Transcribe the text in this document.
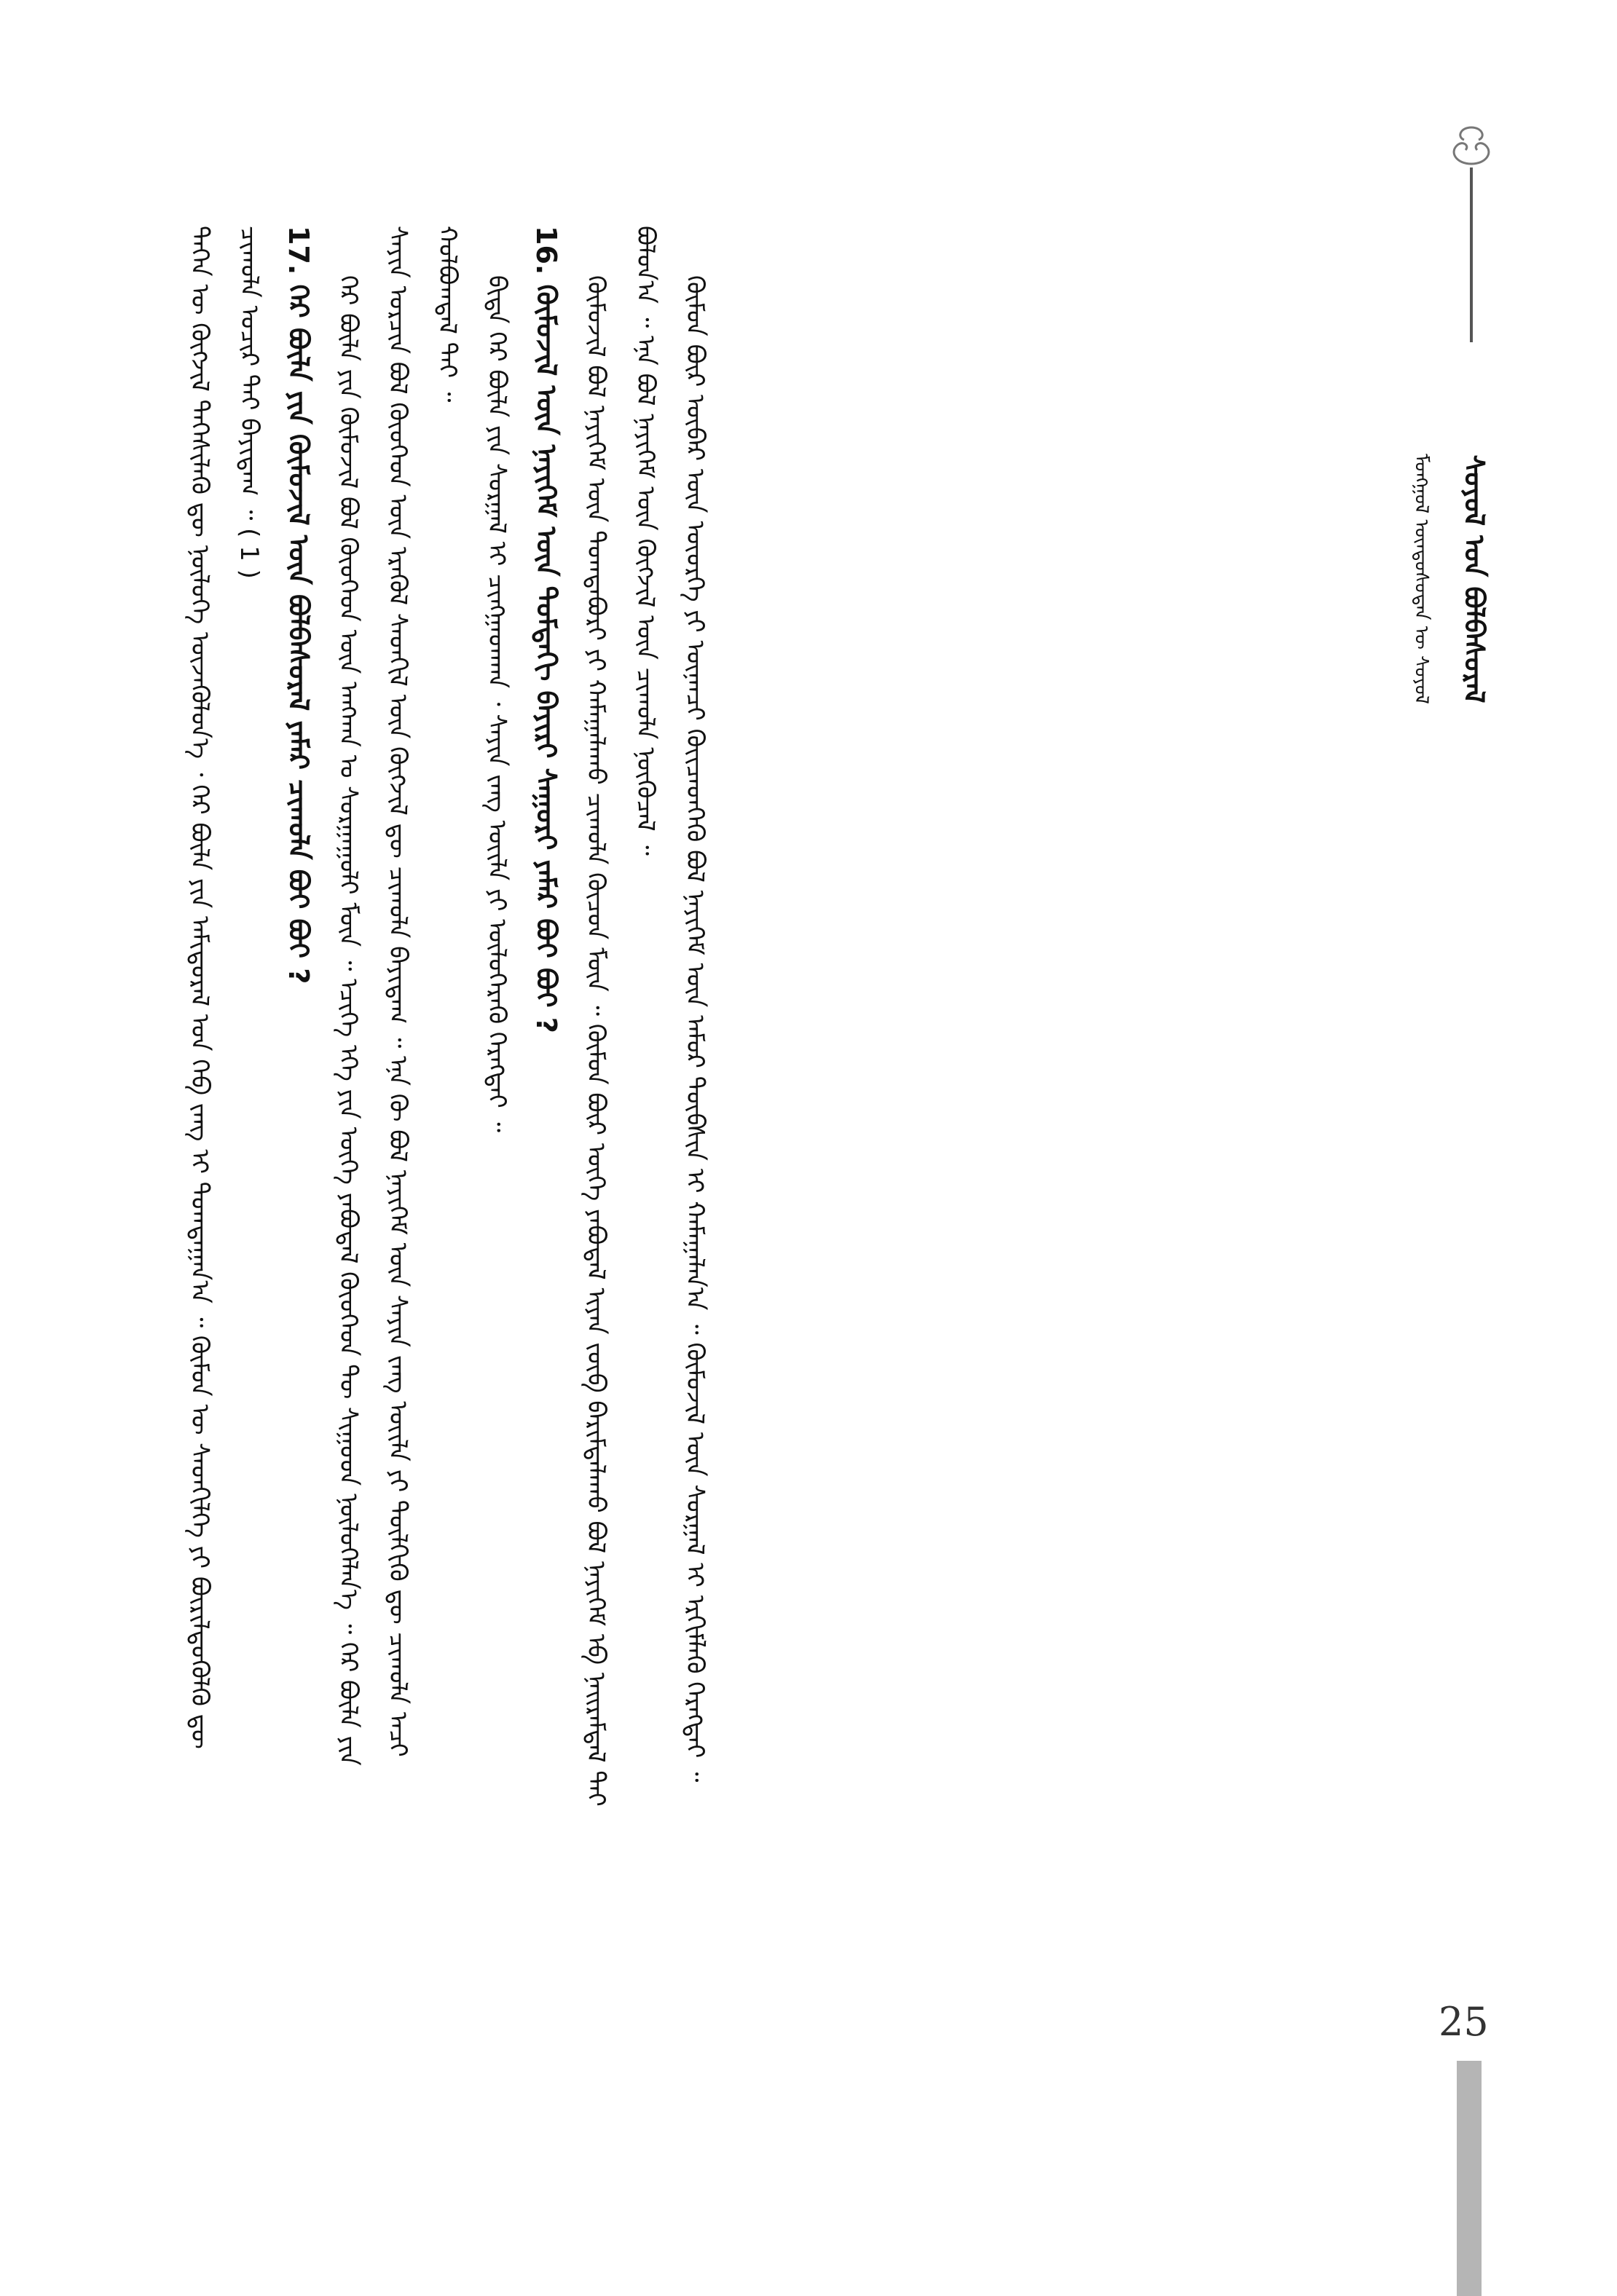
ᠰᠣᠶᠣᠯ ᠤᠨ ᠪᠣᠯᠪᠠᠰᠤᠷᠠᠯ
ᠮᠣᠩᠭᠣᠯ ᠦᠨᠳᠦᠰᠦᠲᠡᠨ ᠦ ᠰᠣᠶᠣᠯ

ᠲᠡᠭᠡᠨ ᠦ ᠬᠥᠭᠵᠢᠯ ᠳᠡᠭᠡᠰᠢᠯᠡᠬᠦ ᠳᠦ ᠨᠥᠯᠦᠭᠡ ᠦᠵᠡᠭᠦᠯᠦᠨ᠎ᠡ ᠂ ᠭᠡᠷ ᠪᠦᠯᠡ ᠶᠢᠨ ᠠᠮᠢᠳᠤᠷᠠᠯ ᠤᠨ ᠬᠡᠪ ᠵᠠᠩ ᠢ ᠲᠣᠭᠲᠠᠭᠠᠨ᠎ᠠ ᠃ ᠬᠦᠮᠦᠨ ᠦ ᠰᠡᠳᠬᠢᠯᠭᠡ ᠶᠢ ᠪᠦᠷᠢᠯᠳᠦᠭᠦᠯᠬᠦ ᠳᠦ ᠴᠢᠬᠤᠯᠠ ᠤᠴᠢᠷ ᠲᠠᠢ ᠪᠠᠶᠢᠳᠠᠭ ᠃ ( 1 ) 17. ᠭᠡᠷ ᠪᠦᠯᠡ ᠶᠢᠨ ᠬᠦᠮᠦᠵᠢᠯ ᠦᠨ ᠪᠣᠯᠪᠠᠰᠤᠷᠠᠯ ᠶᠠᠮᠠᠷ ᠴᠢᠬᠤᠯᠠ ᠪᠣᠢ ᠪᠤᠢ ? ᠭᠡᠷ ᠪᠦᠯᠡ ᠶᠢᠨ ᠬᠦᠮᠦᠵᠢᠯ ᠪᠣᠯ ᠬᠦᠦᠬᠡᠳ ᠦᠨ ᠠᠩᠬᠠᠨ ᠤ ᠰᠤᠷᠭᠠᠭᠤᠯᠢ ᠮᠥᠨ ᠃ ᠡᠴᠢᠭᠡ ᠡᠬᠡ ᠶᠢᠨ ᠦᠭᠡ ᠶᠠᠪᠤᠳᠠᠯ ᠬᠦᠦᠬᠡᠳ ᠲᠦ ᠰᠢᠭᠤᠳ ᠨᠥᠯᠦᠭᠡᠯᠡᠨ᠎ᠡ ᠃ ᠭᠡᠷ ᠪᠦᠯᠡ ᠶᠢᠨ ᠰᠠᠶᠢᠨ ᠣᠷᠴᠢᠨ ᠪᠣᠯ ᠬᠦᠦᠬᠡᠳ ᠦᠨ ᠡᠷᠡᠭᠦᠯ ᠰᠡᠳᠬᠢᠯ ᠦᠨ ᠬᠥᠭᠵᠢᠯ ᠳᠦ ᠴᠢᠬᠤᠯᠠ ᠪᠠᠶᠢᠳᠠᠭ ᠃ ᠡᠨᠡ ᠬᠦ ᠪᠣᠯ ᠨᠡᠶᠢᠭᠡᠮ ᠦᠨ ᠰᠠᠶᠢᠨ ᠵᠠᠩ ᠦᠢᠯᠡ ᠶᠢ ᠲᠦᠯᠬᠢᠬᠦ ᠳᠦ ᠴᠢᠬᠤᠯᠠ ᠠᠴᠢ ᠬᠣᠯᠪᠣᠭᠳᠠᠯ ᠲᠠᠢ ᠃ ᠪᠢᠳᠡ ᠭᠡᠷ ᠪᠦᠯᠡ ᠶᠢᠨ ᠰᠤᠷᠭᠠᠯ ᠢ ᠴᠢᠩᠭᠠᠳᠬᠠᠨ ᠂ ᠰᠠᠶᠢᠨ ᠵᠠᠩ ᠦᠢᠯᠡ ᠶᠢ ᠦᠯᠦᠭᠡᠷᠡᠬᠦ ᠬᠡᠷᠡᠭᠲᠡᠢ ᠃ 16. ᠬᠦᠮᠦᠵᠢᠯ ᠦᠨ ᠨᠡᠶᠢᠭᠡᠮ ᠦᠨ ᠳᠤᠮᠳᠠᠬᠢ ᠪᠠᠶᠢᠷᠢ ᠰᠠᠭᠤᠷᠢ ᠶᠠᠮᠠᠷ ᠪᠣᠢ ᠪᠤᠢ ? ᠬᠦᠮᠦᠵᠢᠯ ᠪᠣᠯ ᠨᠡᠶᠢᠭᠡᠮ ᠦᠨ ᠲᠣᠭᠲᠠᠪᠣᠷᠢ ᠶᠢ ᠬᠠᠮᠠᠭᠠᠯᠠᠬᠤ ᠴᠢᠬᠤᠯᠠ ᠬᠦᠴᠦᠨ ᠮᠥᠨ ᠃ ᠬᠦᠮᠦᠨ ᠪᠦᠷ ᠦᠭᠡ ᠶᠠᠪᠤᠳᠠᠯ ᠢᠶᠠᠨ ᠵᠥᠪ ᠪᠠᠷᠢᠮᠲᠠᠯᠠᠬᠤ ᠪᠣᠯ ᠨᠡᠶᠢᠭᠡᠮ ᠡᠪ ᠨᠠᠢᠷᠠᠮᠳᠠᠯ ᠲᠠᠢ ᠪᠣᠯᠤᠨ᠎ᠠ ᠃ ᠡᠨᠡ ᠪᠣᠯ ᠨᠡᠶᠢᠭᠡᠮ ᠦᠨ ᠬᠥᠭᠵᠢᠯ ᠦᠨ ᠴᠢᠬᠤᠯᠠ ᠨᠥᠬᠦᠴᠡᠯ ᠃ ᠬᠦᠮᠦᠨ ᠪᠦᠷ ᠦᠪᠡᠷ ᠦᠨ ᠦᠦᠷᠭᠡ ᠶᠢ ᠦᠨᠡᠨᠴᠢ ᠭᠦᠢᠴᠡᠳᠬᠡᠬᠦ ᠪᠣᠯ ᠨᠡᠶᠢᠭᠡᠮ ᠦᠨ ᠠᠮᠤᠷ ᠲᠦᠪᠰᠢᠨ ᠢ ᠬᠠᠮᠠᠭᠠᠯᠠᠨ᠎ᠠ ᠃ ᠬᠦᠮᠦᠵᠢᠯ ᠦᠨ ᠰᠤᠷᠭᠠᠯ ᠢ ᠡᠷᠬᠢᠮᠯᠡᠬᠦ ᠬᠡᠷᠡᠭᠲᠡᠢ ᠃

25
